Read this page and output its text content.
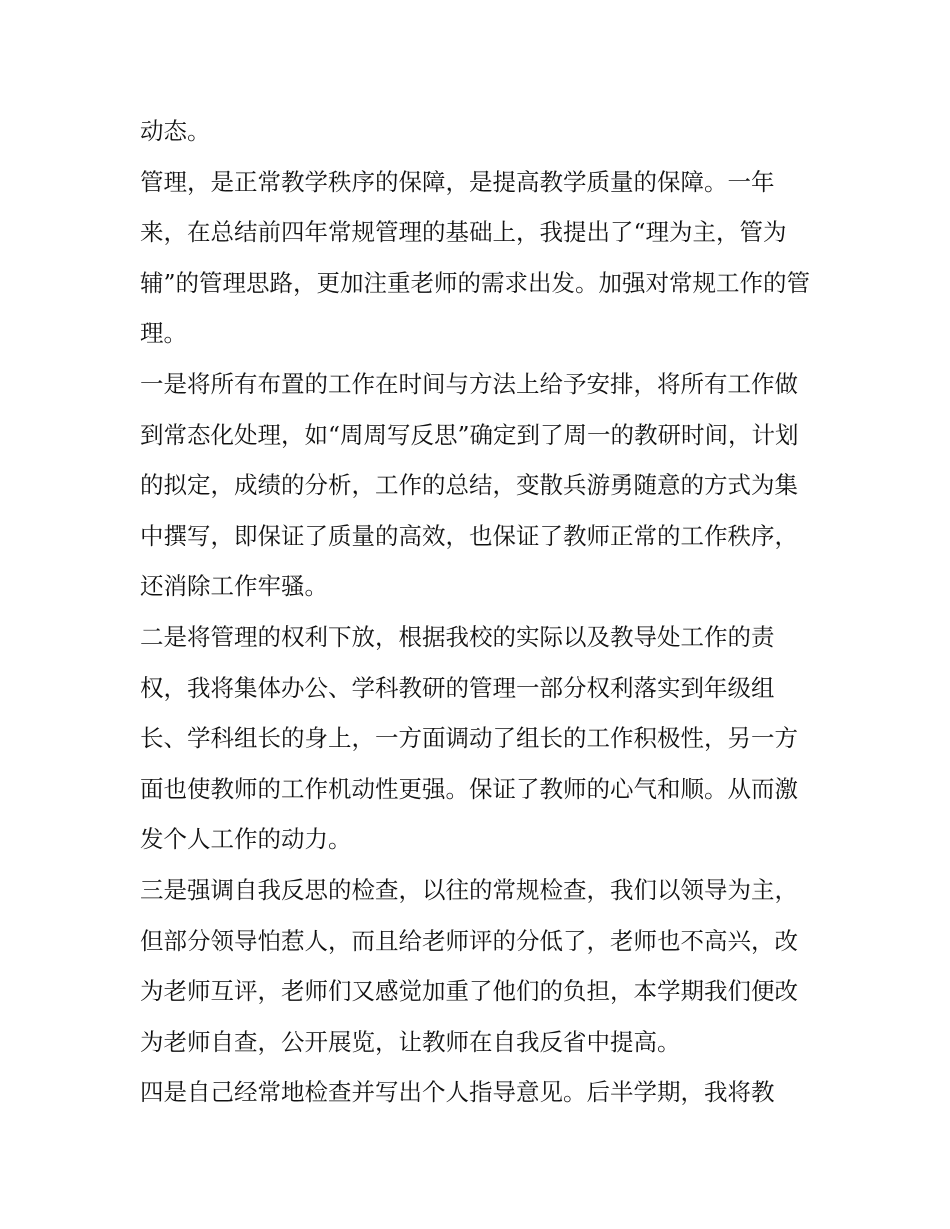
动态。

管理，是正常教学秩序的保障，是提高教学质量的保障。一年来，在总结前四年常规管理的基础上，我提出了“理为主，管为辅”的管理思路，更加注重老师的需求出发。加强对常规工作的管理。

一是将所有布置的工作在时间与方法上给予安排，将所有工作做到常态化处理，如“周周写反思”确定到了周一的教研时间，计划的拟定，成绩的分析，工作的总结，变散兵游勇随意的方式为集中撰写，即保证了质量的高效，也保证了教师正常的工作秩序，还消除工作牢骚。

二是将管理的权利下放，根据我校的实际以及教导处工作的责权，我将集体办公、学科教研的管理一部分权利落实到年级组长、学科组长的身上，一方面调动了组长的工作积极性，另一方面也使教师的工作机动性更强。保证了教师的心气和顺。从而激发个人工作的动力。

三是强调自我反思的检查，以往的常规检查，我们以领导为主，但部分领导怕惹人，而且给老师评的分低了，老师也不高兴，改为老师互评，老师们又感觉加重了他们的负担，本学期我们便改为老师自查，公开展览，让教师在自我反省中提高。

四是自己经常地检查并写出个人指导意见。后半学期，我将教
